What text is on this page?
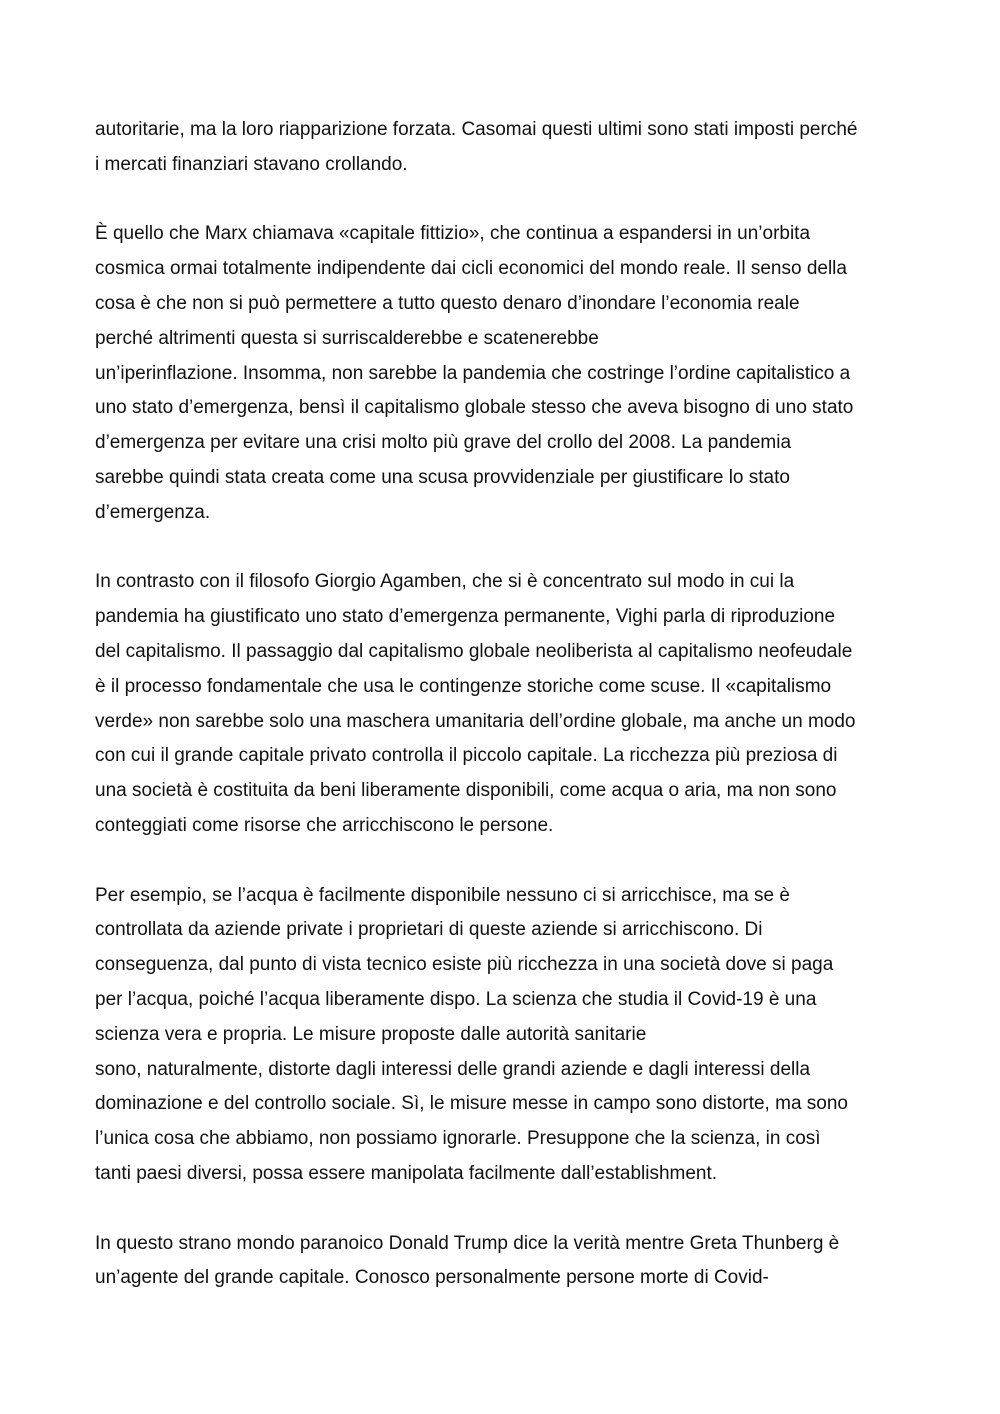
autoritarie, ma la loro riapparizione forzata. Casomai questi ultimi sono stati imposti perché
i mercati finanziari stavano crollando.

È quello che Marx chiamava «capitale fittizio», che continua a espandersi in un’orbita
cosmica ormai totalmente indipendente dai cicli economici del mondo reale. Il senso della
cosa è che non si può permettere a tutto questo denaro d’inondare l’economia reale
perché altrimenti questa si surriscalderebbe e scatenerebbe
un’iperinflazione. Insomma, non sarebbe la pandemia che costringe l’ordine capitalistico a
uno stato d’emergenza, bensì il capitalismo globale stesso che aveva bisogno di uno stato
d’emergenza per evitare una crisi molto più grave del crollo del 2008. La pandemia
sarebbe quindi stata creata come una scusa provvidenziale per giustificare lo stato
d’emergenza.

In contrasto con il filosofo Giorgio Agamben, che si è concentrato sul modo in cui la
pandemia ha giustificato uno stato d’emergenza permanente, Vighi parla di riproduzione
del capitalismo. Il passaggio dal capitalismo globale neoliberista al capitalismo neofeudale
è il processo fondamentale che usa le contingenze storiche come scuse. Il «capitalismo
verde» non sarebbe solo una maschera umanitaria dell’ordine globale, ma anche un modo
con cui il grande capitale privato controlla il piccolo capitale. La ricchezza più preziosa di
una società è costituita da beni liberamente disponibili, come acqua o aria, ma non sono
conteggiati come risorse che arricchiscono le persone.

Per esempio, se l’acqua è facilmente disponibile nessuno ci si arricchisce, ma se è
controllata da aziende private i proprietari di queste aziende si arricchiscono. Di
conseguenza, dal punto di vista tecnico esiste più ricchezza in una società dove si paga
per l’acqua, poiché l’acqua liberamente dispo. La scienza che studia il Covid-19 è una
scienza vera e propria. Le misure proposte dalle autorità sanitarie
sono, naturalmente, distorte dagli interessi delle grandi aziende e dagli interessi della
dominazione e del controllo sociale. Sì, le misure messe in campo sono distorte, ma sono
l’unica cosa che abbiamo, non possiamo ignorarle. Presuppone che la scienza, in così
tanti paesi diversi, possa essere manipolata facilmente dall’establishment.

In questo strano mondo paranoico Donald Trump dice la verità mentre Greta Thunberg è
un’agente del grande capitale. Conosco personalmente persone morte di Covid-
